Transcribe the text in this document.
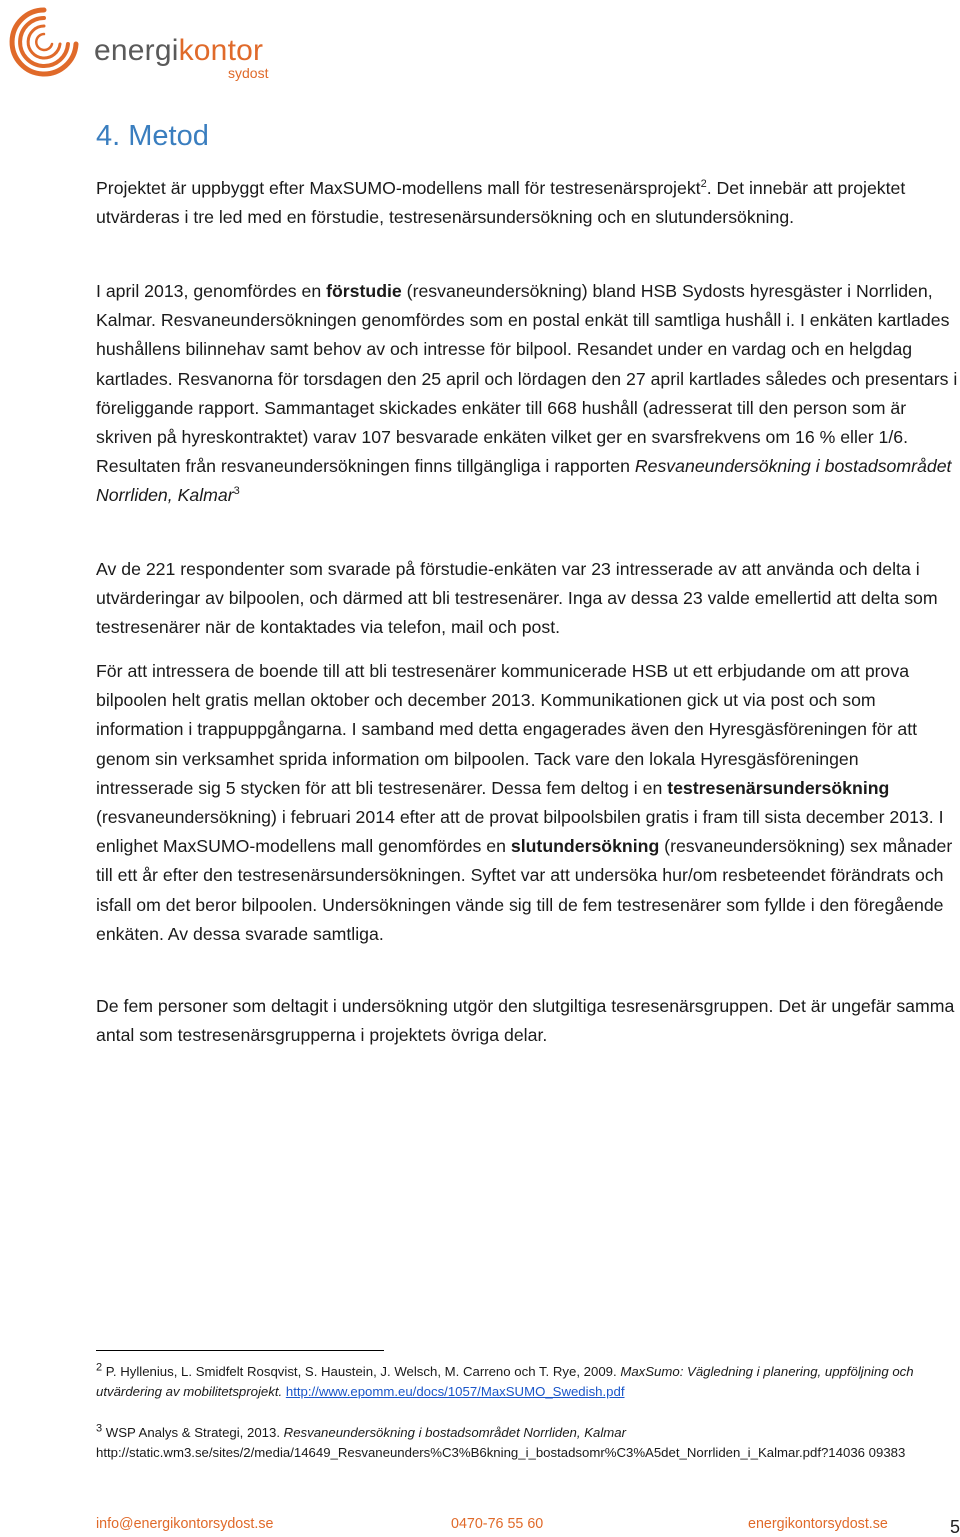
energikontor
sydost
4. Metod

Projektet är uppbyggt efter MaxSUMO-modellens mall för testresenärsprojekt$^2$. Det innebär att projektet utvärderas i tre led med en förstudie, testresenärsundersökning och en slutundersökning.

I april 2013, genomfördes en förstudie (resvaneundersökning) bland HSB Sydosts hyresgäster i Norrliden, Kalmar. Resvaneundersökningen genomfördes som en postal enkät till samtliga hushåll i. I enkäten kartlades hushållens bilinnehav samt behov av och intresse för bilpool. Resandet under en vardag och en helgdag kartlades. Resvanorna för torsdagen den 25 april och lördagen den 27 april kartlades således och presentars i föreliggande rapport. Sammantaget skickades enkäter till 668 hushåll (adresserat till den person som är skriven på hyreskontraktet) varav 107 besvarade enkäten vilket ger en svarsfrekvens om 16 % eller 1/6. Resultaten från resvaneundersökningen finns tillgängliga i rapporten Resvaneundersökning i bostadsområdet Norrliden, Kalmar$^3$

Av de 221 respondenter som svarade på förstudie-enkäten var 23 intresserade av att använda och delta i utvärderingar av bilpoolen, och därmed att bli testresenärer. Inga av dessa 23 valde emellertid att delta som testresenärer när de kontaktades via telefon, mail och post.

För att intressera de boende till att bli testresenärer kommunicerade HSB ut ett erbjudande om att prova bilpoolen helt gratis mellan oktober och december 2013. Kommunikationen gick ut via post och som information i trappuppgångarna. I samband med detta engagerades även den Hyresgäsföreningen för att genom sin verksamhet sprida information om bilpoolen. Tack vare den lokala Hyresgäsföreningen intresserade sig 5 stycken för att bli testresenärer. Dessa fem deltog i en testresenärsundersökning (resvaneundersökning) i februari 2014 efter att de provat bilpoolsbilen gratis i fram till sista december 2013. I enlighet MaxSUMO-modellens mall genomfördes en slutundersökning (resvaneundersökning) sex månader till ett år efter den testresenärsundersökningen. Syftet var att undersöka hur/om resbeteendet förändrats och isfall om det beror bilpoolen. Undersökningen vände sig till de fem testresenärer som fyllde i den föregående enkäten. Av dessa svarade samtliga.

De fem personer som deltagit i undersökning utgör den slutgiltiga tesresenärsgruppen. Det är ungefär samma antal som testresenärsgrupperna i projektets övriga delar.

$^2$ P. Hyllenius, L. Smidfelt Rosqvist, S. Haustein, J. Welsch, M. Carreno och T. Rye, 2009. MaxSumo: Vägledning i planering, uppföljning och utvärdering av mobilitetsprojekt. http://www.epomm.eu/docs/1057/MaxSUMO_Swedish.pdf

$^3$ WSP Analys & Strategi, 2013. Resvaneundersökning i bostadsområdet Norrliden, Kalmar
http://static.wm3.se/sites/2/media/14649_Resvaneunders%C3%B6kning_i_bostadsomr%C3%A5det_Norrliden_i_Kalmar.pdf?14036 09383

5
info@energikontorsydost.se	0470-76 55 60	energikontorsydost.se
